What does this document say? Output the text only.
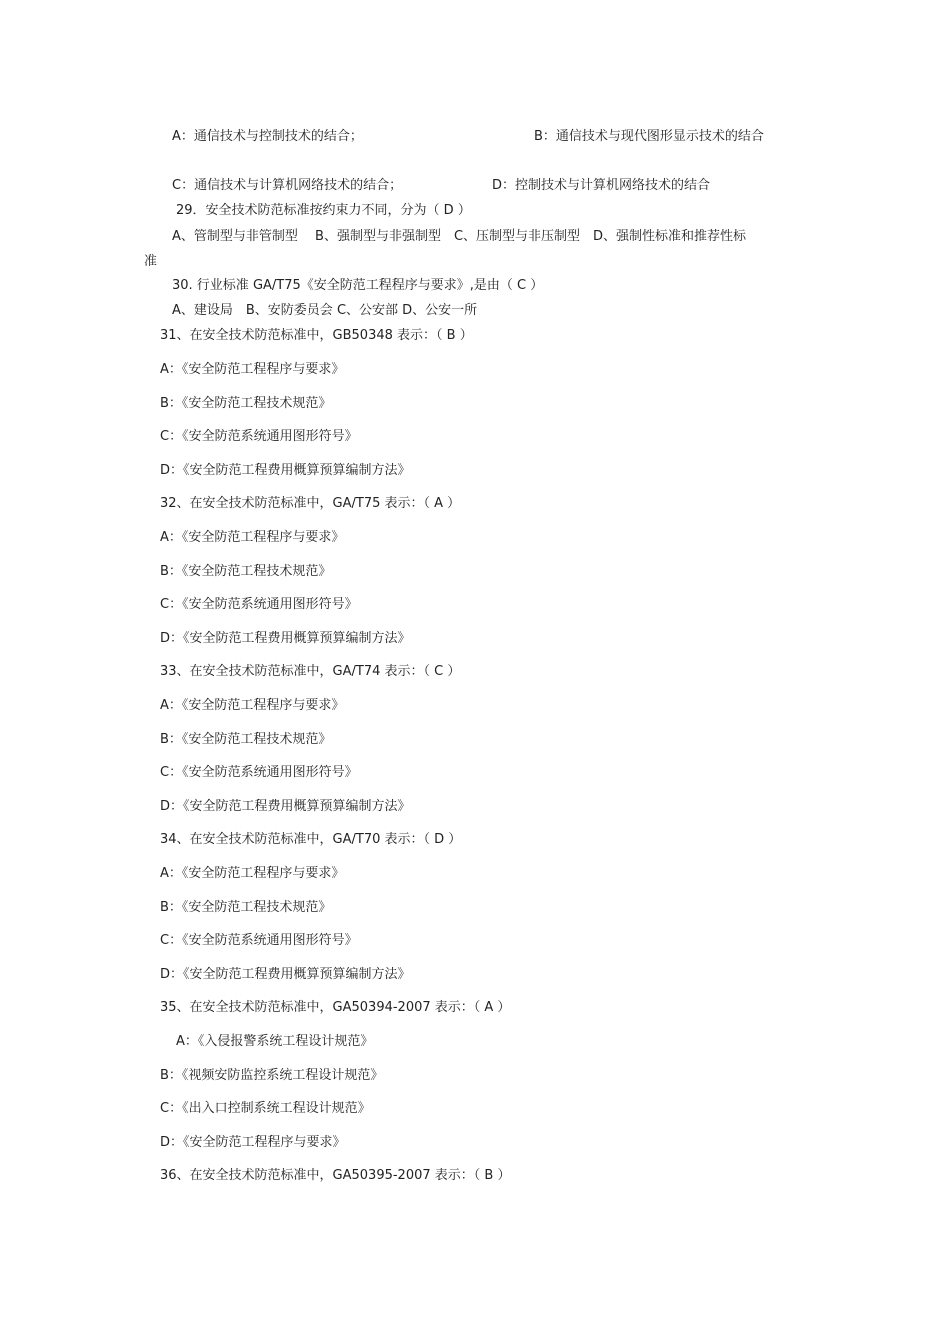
A：通信技术与控制技术的结合；	B：通信技术与现代图形显示技术的结合
C：通信技术与计算机网络技术的结合；	D：控制技术与计算机网络技术的结合
29．安全技术防范标准按约束力不同，分为（ D ）
A、管制型与非管制型　 B、强制型与非强制型　C、压制型与非压制型　D、强制性标准和推荐性标
准
30. 行业标准 GA/T75《安全防范工程程序与要求》,是由（ C ）
A、建设局　B、安防委员会 C、公安部 D、公安一所
31、在安全技术防范标准中，GB50348 表示：（ B ）
A：《安全防范工程程序与要求》
B：《安全防范工程技术规范》
C：《安全防范系统通用图形符号》
D：《安全防范工程费用概算预算编制方法》
32、在安全技术防范标准中，GA/T75 表示：（ A ）
A：《安全防范工程程序与要求》
B：《安全防范工程技术规范》
C：《安全防范系统通用图形符号》
D：《安全防范工程费用概算预算编制方法》
33、在安全技术防范标准中，GA/T74 表示：（ C ）
A：《安全防范工程程序与要求》
B：《安全防范工程技术规范》
C：《安全防范系统通用图形符号》
D：《安全防范工程费用概算预算编制方法》
34、在安全技术防范标准中，GA/T70 表示：（ D ）
A：《安全防范工程程序与要求》
B：《安全防范工程技术规范》
C：《安全防范系统通用图形符号》
D：《安全防范工程费用概算预算编制方法》
35、在安全技术防范标准中，GA50394-2007 表示：（ A ）
A：《入侵报警系统工程设计规范》
B：《视频安防监控系统工程设计规范》
C：《出入口控制系统工程设计规范》
D：《安全防范工程程序与要求》
36、在安全技术防范标准中，GA50395-2007 表示：（ B ）
